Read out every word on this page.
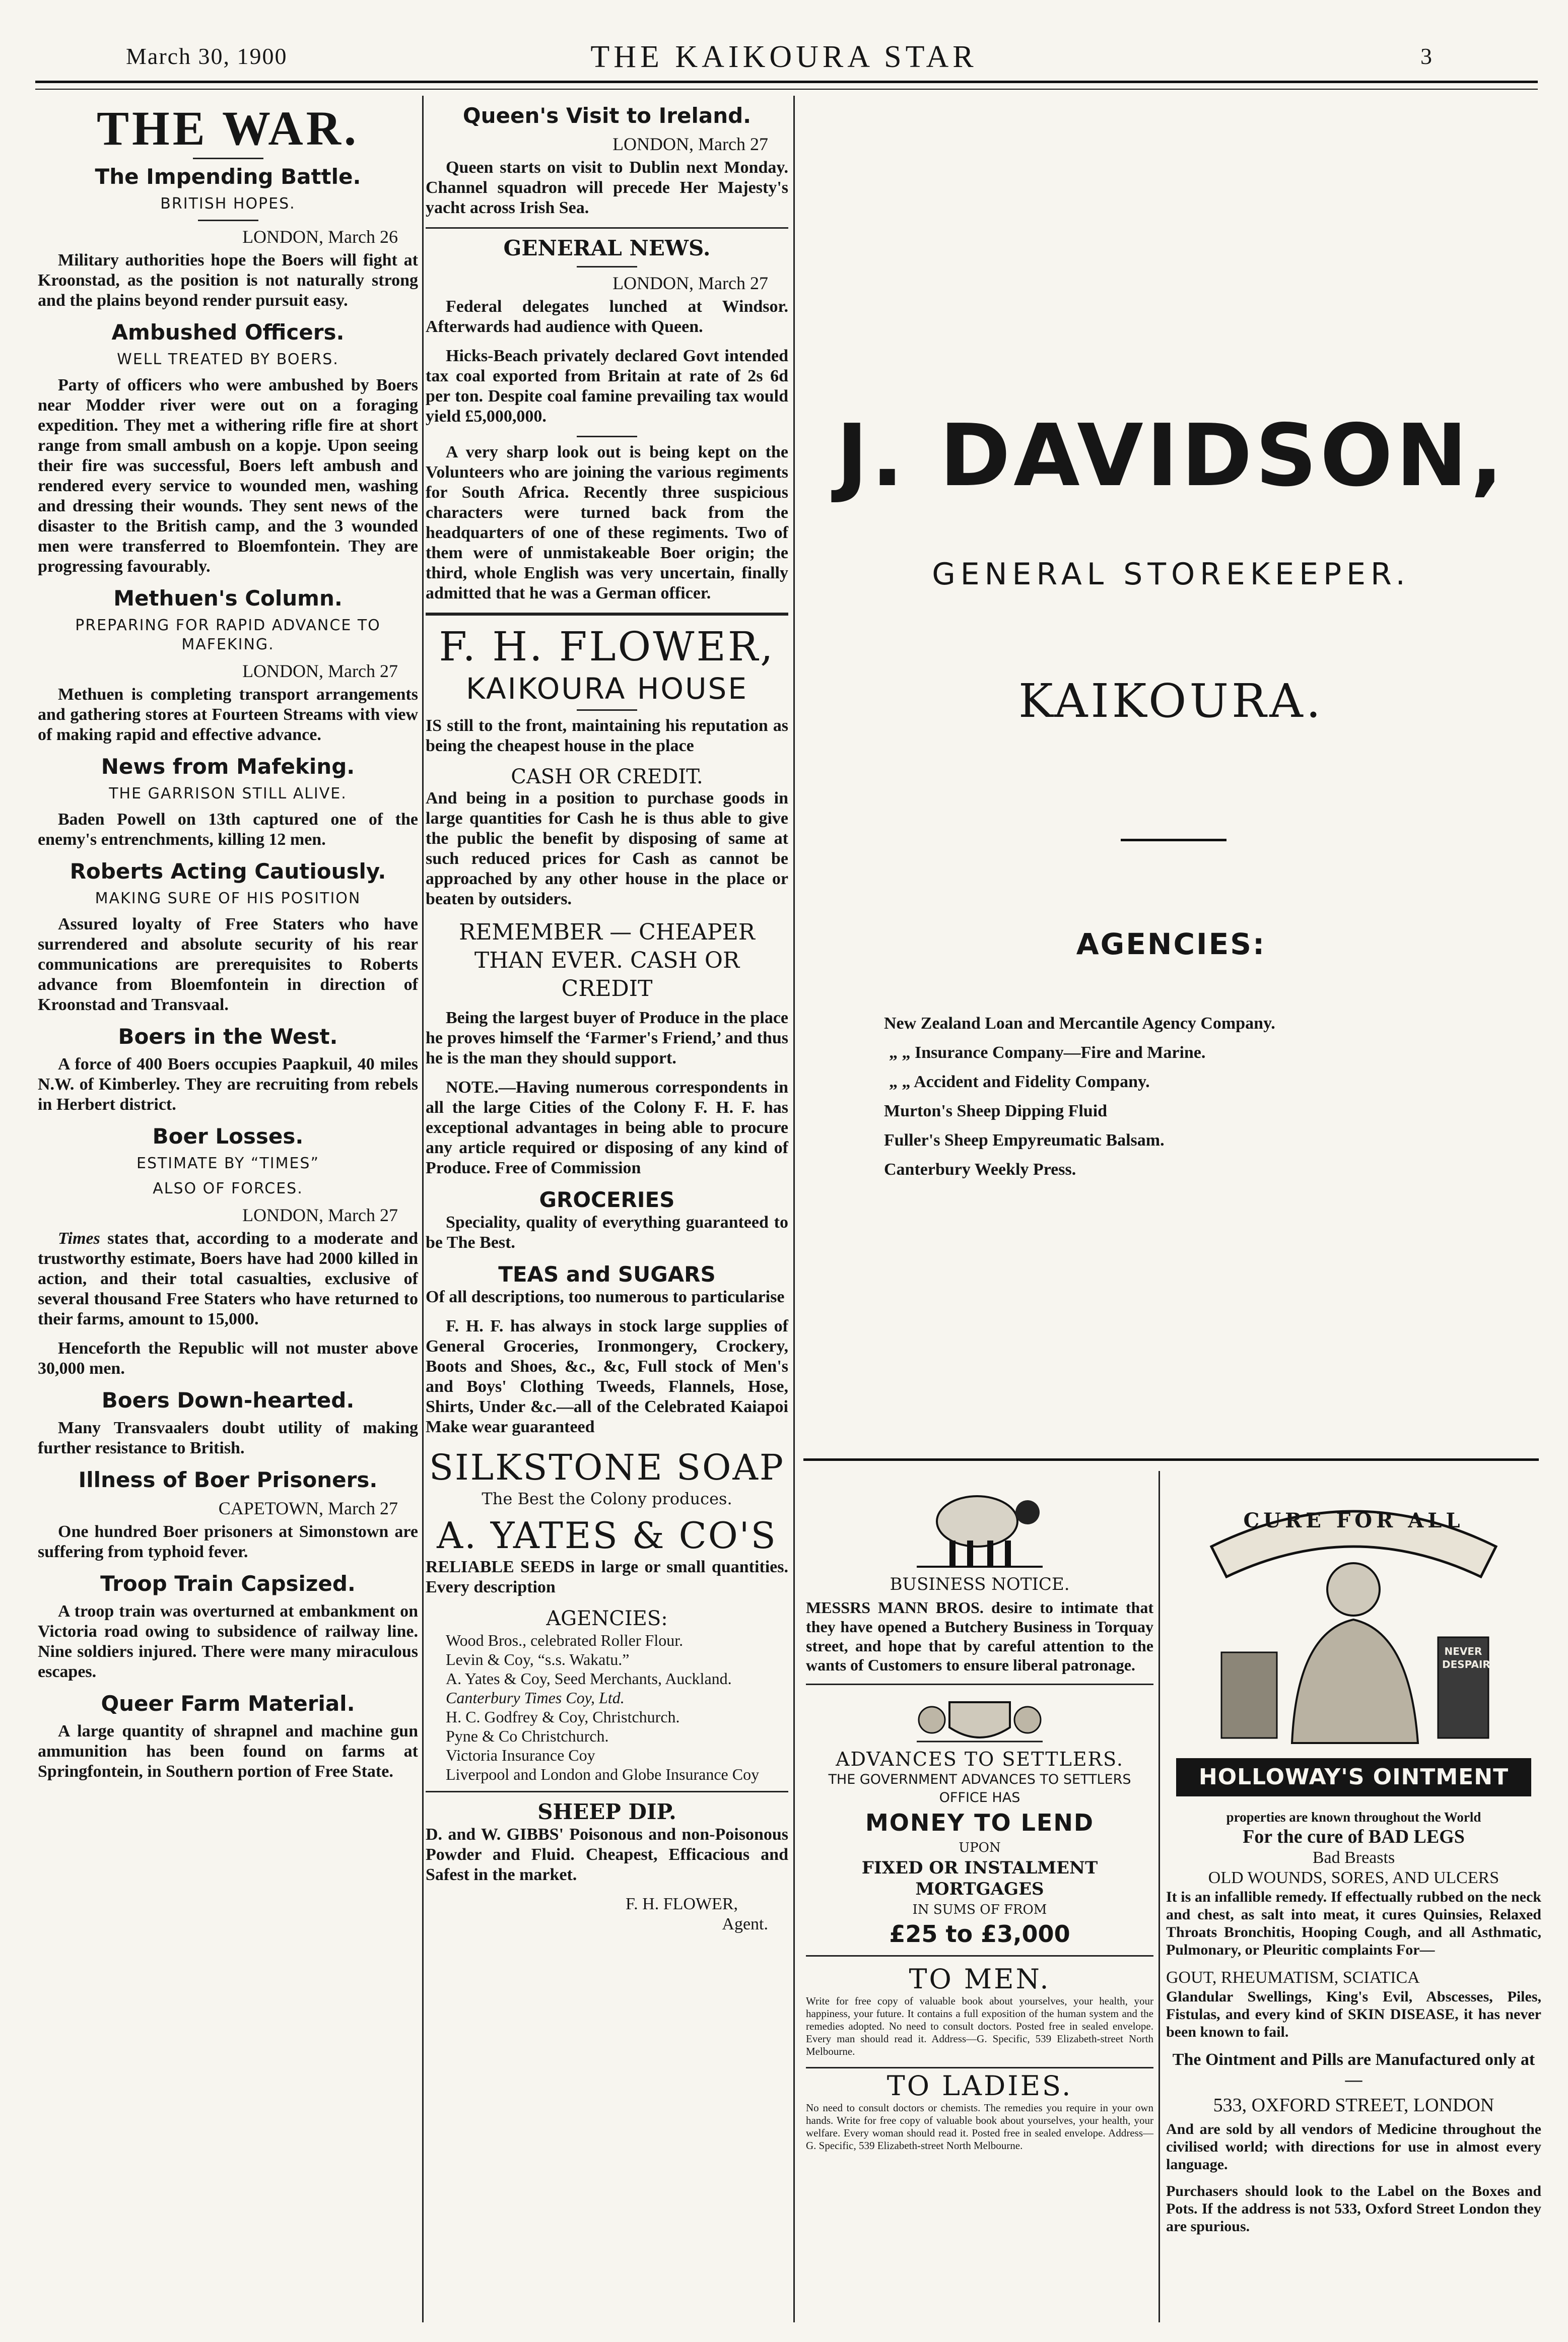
March 30, 1900	THE KAIKOURA STAR	3
THE WAR.
The Impending Battle.
BRITISH HOPES.
LONDON, March 26

Military authorities hope the Boers will fight at Kroonstad, as the position is not naturally strong and the plains beyond render pursuit easy.

Ambushed Officers.
WELL TREATED BY BOERS.

Party of officers who were ambushed by Boers near Modder river were out on a foraging expedition. They met a withering rifle fire at short range from small ambush on a kopje. Upon seeing their fire was successful, Boers left ambush and rendered every service to wounded men, washing and dressing their wounds. They sent news of the disaster to the British camp, and the 3 wounded men were transferred to Bloemfontein. They are progressing favourably.

Methuen's Column.
PREPARING FOR RAPID ADVANCE TO MAFEKING.
LONDON, March 27

Methuen is completing transport arrangements and gathering stores at Fourteen Streams with view of making rapid and effective advance.

News from Mafeking.
THE GARRISON STILL ALIVE.

Baden Powell on 13th captured one of the enemy's entrenchments, killing 12 men.

Roberts Acting Cautiously.
MAKING SURE OF HIS POSITION

Assured loyalty of Free Staters who have surrendered and absolute security of his rear communications are prerequisites to Roberts advance from Bloemfontein in direction of Kroonstad and Transvaal.

Boers in the West.

A force of 400 Boers occupies Paapkuil, 40 miles N.W. of Kimberley. They are recruiting from rebels in Herbert district.

Boer Losses.
ESTIMATE BY “TIMES”
ALSO OF FORCES.
LONDON, March 27

Times states that, according to a moderate and trustworthy estimate, Boers have had 2000 killed in action, and their total casualties, exclusive of several thousand Free Staters who have returned to their farms, amount to 15,000.

Henceforth the Republic will not muster above 30,000 men.

Boers Down-hearted.

Many Transvaalers doubt utility of making further resistance to British.

Illness of Boer Prisoners.
CAPETOWN, March 27

One hundred Boer prisoners at Simonstown are suffering from typhoid fever.

Troop Train Capsized.

A troop train was overturned at embankment on Victoria road owing to subsidence of railway line. Nine soldiers injured. There were many miraculous escapes.

Queer Farm Material.

A large quantity of shrapnel and machine gun ammunition has been found on farms at Springfontein, in Southern portion of Free State.

Queen's Visit to Ireland.
LONDON, March 27

Queen starts on visit to Dublin next Monday. Channel squadron will precede Her Majesty's yacht across Irish Sea.

GENERAL NEWS.
LONDON, March 27

Federal delegates lunched at Windsor. Afterwards had audience with Queen.

Hicks-Beach privately declared Govt intended tax coal exported from Britain at rate of 2s 6d per ton. Despite coal famine prevailing tax would yield £5,000,000.

A very sharp look out is being kept on the Volunteers who are joining the various regiments for South Africa. Recently three suspicious characters were turned back from the headquarters of one of these regiments. Two of them were of unmistakeable Boer origin; the third, whole English was very uncertain, finally admitted that he was a German officer.

F. H. FLOWER,
KAIKOURA HOUSE

IS still to the front, maintaining his reputation as being the cheapest house in the place

CASH OR CREDIT.

And being in a position to purchase goods in large quantities for Cash he is thus able to give the public the benefit by disposing of same at such reduced prices for Cash as cannot be approached by any other house in the place or beaten by outsiders.

REMEMBER — CHEAPER THAN EVER. CASH OR CREDIT

Being the largest buyer of Produce in the place he proves himself the ‘Farmer's Friend,’ and thus he is the man they should support.

NOTE.—Having numerous correspondents in all the large Cities of the Colony F. H. F. has exceptional advantages in being able to procure any article required or disposing of any kind of Produce. Free of Commission

GROCERIES

Speciality, quality of everything guaranteed to be The Best.

TEAS and SUGARS

Of all descriptions, too numerous to particularise

F. H. F. has always in stock large supplies of General Groceries, Ironmongery, Crockery, Boots and Shoes, &c., &c, Full stock of Men's and Boys' Clothing Tweeds, Flannels, Hose, Shirts, Under &c.—all of the Celebrated Kaiapoi Make wear guaranteed

SILKSTONE SOAP
The Best the Colony produces.
A. YATES & CO'S

RELIABLE SEEDS in large or small quantities. Every description

AGENCIES:
Wood Bros., celebrated Roller Flour.
Levin & Coy, “s.s. Wakatu.”
A. Yates & Coy, Seed Merchants, Auckland.
Canterbury Times Coy, Ltd.
H. C. Godfrey & Coy, Christchurch.
Pyne & Co Christchurch.
Victoria Insurance Coy
Liverpool and London and Globe Insurance Coy
SHEEP DIP.

D. and W. GIBBS' Poisonous and non-Poisonous Powder and Fluid. Cheapest, Efficacious and Safest in the market.

F. H. FLOWER,
Agent.
J. DAVIDSON,
GENERAL STOREKEEPER.
KAIKOURA.
AGENCIES:
New Zealand Loan and Mercantile Agency Company.
„ „ Insurance Company—Fire and Marine.
„ „ Accident and Fidelity Company.
Murton's Sheep Dipping Fluid
Fuller's Sheep Empyreumatic Balsam.
Canterbury Weekly Press.
BUSINESS NOTICE.

MESSRS MANN BROS. desire to intimate that they have opened a Butchery Business in Torquay street, and hope that by careful attention to the wants of Customers to ensure liberal patronage.

ADVANCES TO SETTLERS.
THE GOVERNMENT ADVANCES TO SETTLERS OFFICE HAS
MONEY TO LEND
UPON
FIXED OR INSTALMENT MORTGAGES
IN SUMS OF FROM
£25 to £3,000
TO MEN.

Write for free copy of valuable book about yourselves, your health, your happiness, your future. It contains a full exposition of the human system and the remedies adopted. No need to consult doctors. Posted free in sealed envelope. Every man should read it. Address—G. Specific, 539 Elizabeth-street North Melbourne.

TO LADIES.

No need to consult doctors or chemists. The remedies you require in your own hands. Write for free copy of valuable book about yourselves, your health, your welfare. Every woman should read it. Posted free in sealed envelope. Address—G. Specific, 539 Elizabeth-street North Melbourne.

CURE FOR ALL
NEVER DESPAIR
HOLLOWAY'S OINTMENT
properties are known throughout the World
For the cure of BAD LEGS
Bad Breasts
OLD WOUNDS, SORES, AND ULCERS

It is an infallible remedy. If effectually rubbed on the neck and chest, as salt into meat, it cures Quinsies, Relaxed Throats Bronchitis, Hooping Cough, and all Asthmatic, Pulmonary, or Pleuritic complaints For—

GOUT, RHEUMATISM, SCIATICA

Glandular Swellings, King's Evil, Abscesses, Piles, Fistulas, and every kind of SKIN DISEASE, it has never been known to fail.

The Ointment and Pills are Manufactured only at—
533, OXFORD STREET, LONDON

And are sold by all vendors of Medicine throughout the civilised world; with directions for use in almost every language.

Purchasers should look to the Label on the Boxes and Pots. If the address is not 533, Oxford Street London they are spurious.
